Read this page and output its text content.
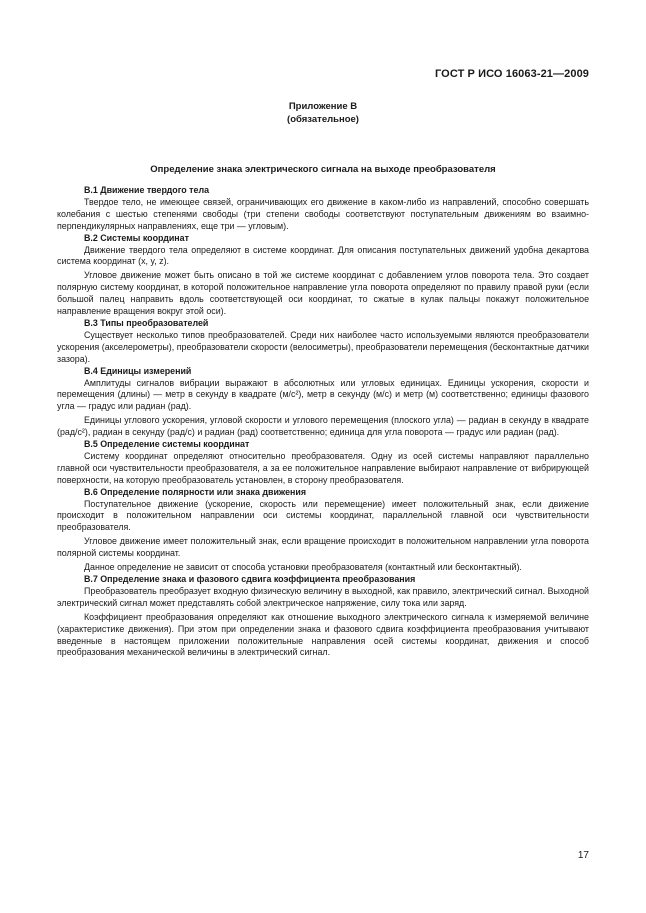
ГОСТ Р ИСО 16063-21—2009
Приложение В
(обязательное)
Определение знака электрического сигнала на выходе преобразователя

В.1 Движение твердого тела

Твердое тело, не имеющее связей, ограничивающих его движение в каком-либо из направлений, способно совершать колебания с шестью степенями свободы (три степени свободы соответствуют поступательным движениям во взаимно-перпендикулярных направлениях, еще три — угловым).

В.2 Системы координат

Движение твердого тела определяют в системе координат. Для описания поступательных движений удобна декартова система координат (x, y, z).

Угловое движение может быть описано в той же системе координат с добавлением углов поворота тела. Это создает полярную систему координат, в которой положительное направление угла поворота определяют по правилу правой руки (если большой палец направить вдоль соответствующей оси координат, то сжатые в кулак пальцы покажут положительное направление вращения вокруг этой оси).

В.3 Типы преобразователей

Существует несколько типов преобразователей. Среди них наиболее часто используемыми являются преобразователи ускорения (акселерометры), преобразователи скорости (велосиметры), преобразователи перемещения (бесконтактные датчики зазора).

В.4 Единицы измерений

Амплитуды сигналов вибрации выражают в абсолютных или угловых единицах. Единицы ускорения, скорости и перемещения (длины) — метр в секунду в квадрате (м/с²), метр в секунду (м/с) и метр (м) соответственно; единицы фазового угла — градус или радиан (рад).

Единицы углового ускорения, угловой скорости и углового перемещения (плоского угла) — радиан в секунду в квадрате (рад/с²), радиан в секунду (рад/с) и радиан (рад) соответственно; единица для угла поворота — градус или радиан (рад).

В.5 Определение системы координат

Систему координат определяют относительно преобразователя. Одну из осей системы направляют параллельно главной оси чувствительности преобразователя, а за ее положительное направление выбирают направление от вибрирующей поверхности, на которую преобразователь установлен, в сторону преобразователя.

В.6 Определение полярности или знака движения

Поступательное движение (ускорение, скорость или перемещение) имеет положительный знак, если движение происходит в положительном направлении оси системы координат, параллельной главной оси чувствительности преобразователя.

Угловое движение имеет положительный знак, если вращение происходит в положительном направлении угла поворота полярной системы координат.

Данное определение не зависит от способа установки преобразователя (контактный или бесконтактный).

В.7 Определение знака и фазового сдвига коэффициента преобразования

Преобразователь преобразует входную физическую величину в выходной, как правило, электрический сигнал. Выходной электрический сигнал может представлять собой электрическое напряжение, силу тока или заряд.

Коэффициент преобразования определяют как отношение выходного электрического сигнала к измеряемой величине (характеристике движения). При этом при определении знака и фазового сдвига коэффициента преобразования учитывают введенные в настоящем приложении положительные направления осей системы координат, движения и способ преобразования механической величины в электрический сигнал.

17
